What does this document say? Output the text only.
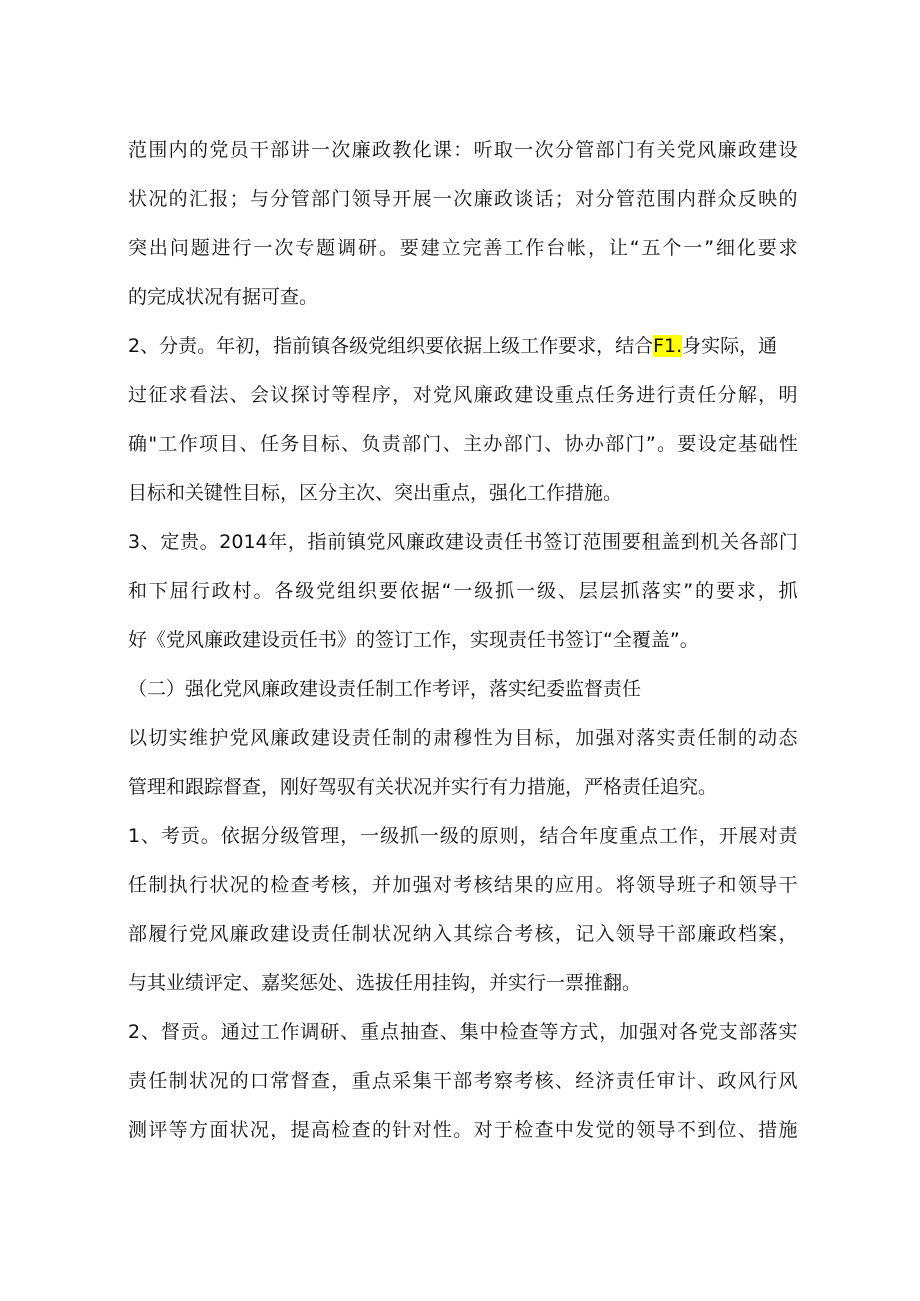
范 围 内 的 党 员 干 部 讲 一 次 廉 政 教 化 课 ： 听 取 一 次 分 管 部 门 有 关 党 风 廉 政 建 设
状 况 的 汇 报 ； 与 分 管 部 门 领 导 开 展 一 次 廉 政 谈 话 ； 对 分 管 范 围 内 群 众 反 映 的
突 出 问 题 进 行 一 次 专 题 调 研 。 要 建 立 完 善 工 作 台 帐 ， 让 “ 五 个 一 ” 细 化 要 求
的完成状况有据可查。
2、分责。年初，指前镇各级党组织要依据上级工作要求，结合F1.身实际，通
过 征 求 看 法 、 会 议 探 讨 等 程 序 ， 对 党 风 廉 政 建 设 重 点 任 务 进 行 责 任 分 解 ， 明
确 " 工 作 项 目 、 任 务 目 标 、 负 责 部 门 、 主 办 部 门 、 协 办 部 门 ” 。 要 设 定 基 础 性
目标和关键性目标，区分主次、突出重点，强化工作措施。
3 、 定 贵 。 2014 年 ， 指 前 镇 党 风 廉 政 建 设 责 任 书 签 订 范 围 要 租 盖 到 机 关 各 部 门
和 下 屈 行 政 村 。 各 级 党 组 织 要 依 据 “ 一 级 抓 一 级 、 层 层 抓 落 实 ” 的 要 求 ， 抓
好《党风廉政建设贡任书》的签订工作，实现责任书签订“全覆盖”。
（二）强化党风廉政建设责任制工作考评，落实纪委监督责任
以 切 实 维 护 党 风 廉 政 建 设 责 任 制 的 肃 穆 性 为 目 标 ， 加 强 对 落 实 责 任 制 的 动 态
管理和跟踪督查，刚好驾驭有关状况并实行有力措施，严格责任追究。
1 、 考 贡 。 依 据 分 级 管 理 ， 一 级 抓 一 级 的 原 则 ， 结 合 年 度 重 点 工 作 ， 开 展 对 责
任 制 执 行 状 况 的 检 查 考 核 ， 并 加 强 对 考 核 结 果 的 应 用 。 将 领 导 班 子 和 领 导 干
部 履 行 党 风 廉 政 建 设 责 任 制 状 况 纳 入 其 综 合 考 核 ， 记 入 领 导 干 部 廉 政 档 案 ，
与其业绩评定、嘉奖惩处、选拔任用挂钩，并实行一票推翻。
2 、 督 贡 。 通 过 工 作 调 研 、 重 点 抽 查 、 集 中 检 查 等 方 式 ， 加 强 对 各 党 支 部 落 实
责 任 制 状 况 的 口 常 督 查 ， 重 点 采 集 干 部 考 察 考 核 、 经 济 责 任 审 计 、 政 风 行 风
测 评 等 方 面 状 况 ， 提 高 检 查 的 针 对 性 。 对 于 检 查 中 发 觉 的 领 导 不 到 位 、 措 施
